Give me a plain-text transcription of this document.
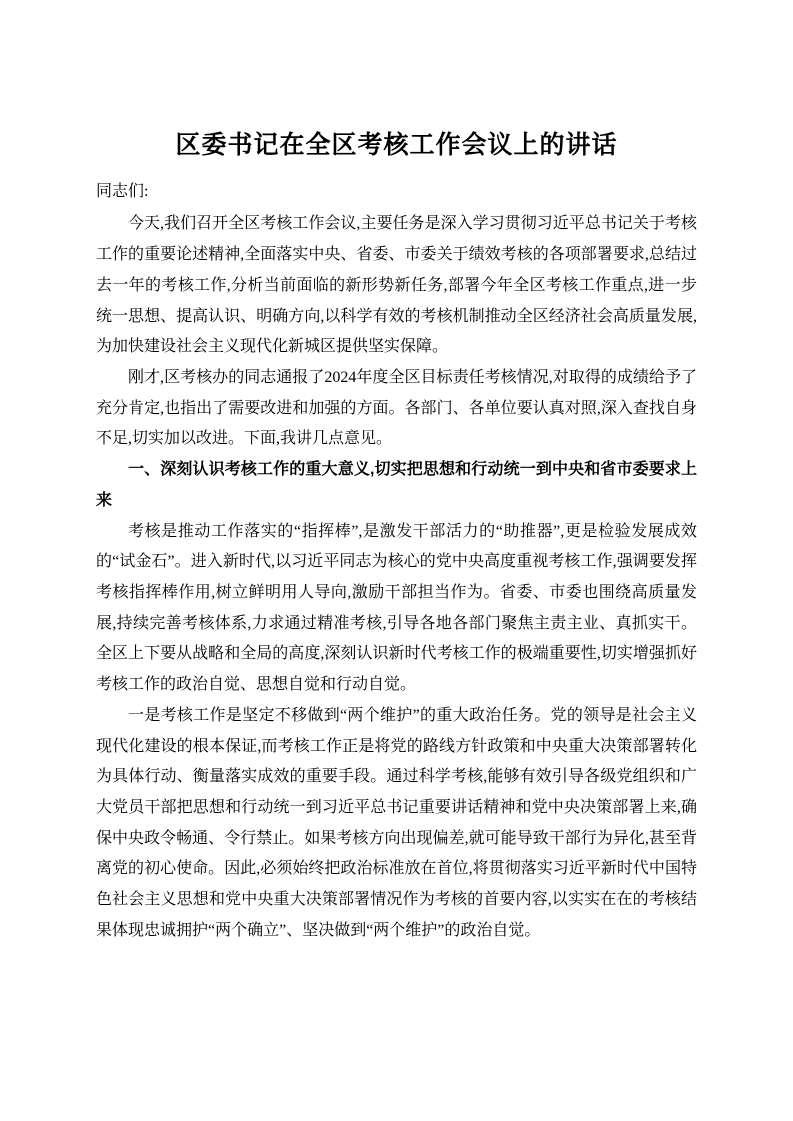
区委书记在全区考核工作会议上的讲话

同志们:

今天,我们召开全区考核工作会议,主要任务是深入学习贯彻习近平总书记关于考核工作的重要论述精神,全面落实中央、省委、市委关于绩效考核的各项部署要求,总结过去一年的考核工作,分析当前面临的新形势新任务,部署今年全区考核工作重点,进一步统一思想、提高认识、明确方向,以科学有效的考核机制推动全区经济社会高质量发展,为加快建设社会主义现代化新城区提供坚实保障。

刚才,区考核办的同志通报了2024年度全区目标责任考核情况,对取得的成绩给予了充分肯定,也指出了需要改进和加强的方面。各部门、各单位要认真对照,深入查找自身不足,切实加以改进。下面,我讲几点意见。

一、深刻认识考核工作的重大意义,切实把思想和行动统一到中央和省市委要求上来

考核是推动工作落实的“指挥棒”,是激发干部活力的“助推器”,更是检验发展成效的“试金石”。进入新时代,以习近平同志为核心的党中央高度重视考核工作,强调要发挥考核指挥棒作用,树立鲜明用人导向,激励干部担当作为。省委、市委也围绕高质量发展,持续完善考核体系,力求通过精准考核,引导各地各部门聚焦主责主业、真抓实干。全区上下要从战略和全局的高度,深刻认识新时代考核工作的极端重要性,切实增强抓好考核工作的政治自觉、思想自觉和行动自觉。

一是考核工作是坚定不移做到“两个维护”的重大政治任务。党的领导是社会主义现代化建设的根本保证,而考核工作正是将党的路线方针政策和中央重大决策部署转化为具体行动、衡量落实成效的重要手段。通过科学考核,能够有效引导各级党组织和广大党员干部把思想和行动统一到习近平总书记重要讲话精神和党中央决策部署上来,确保中央政令畅通、令行禁止。如果考核方向出现偏差,就可能导致干部行为异化,甚至背离党的初心使命。因此,必须始终把政治标准放在首位,将贯彻落实习近平新时代中国特色社会主义思想和党中央重大决策部署情况作为考核的首要内容,以实实在在的考核结果体现忠诚拥护“两个确立”、坚决做到“两个维护”的政治自觉。
